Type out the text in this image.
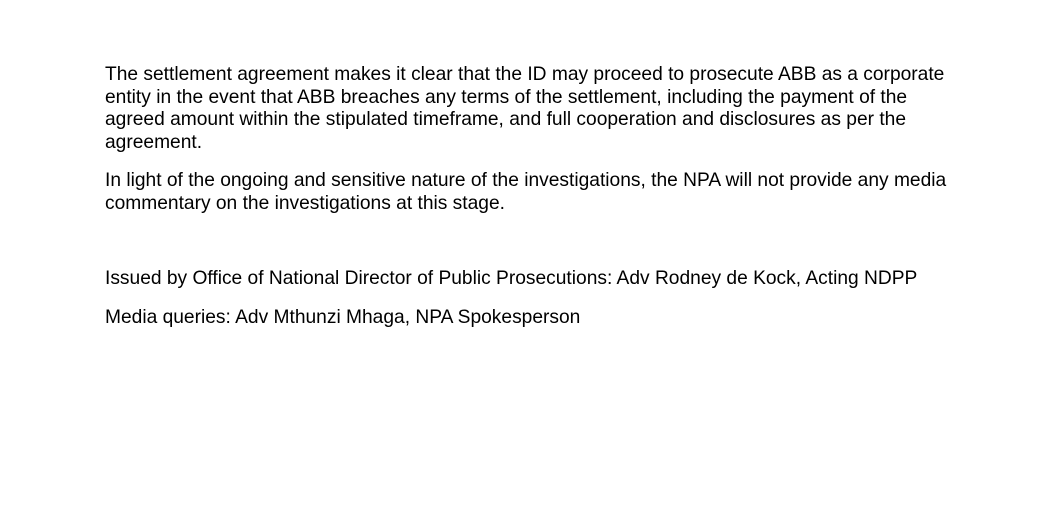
The settlement agreement makes it clear that the ID may proceed to prosecute ABB as a corporate entity in the event that ABB breaches any terms of the settlement, including the payment of the agreed amount within the stipulated timeframe, and full cooperation and disclosures as per the agreement.

In light of the ongoing and sensitive nature of the investigations, the NPA will not provide any media commentary on the investigations at this stage.

Issued by Office of National Director of Public Prosecutions: Adv Rodney de Kock, Acting NDPP

Media queries: Adv Mthunzi Mhaga, NPA Spokesperson
